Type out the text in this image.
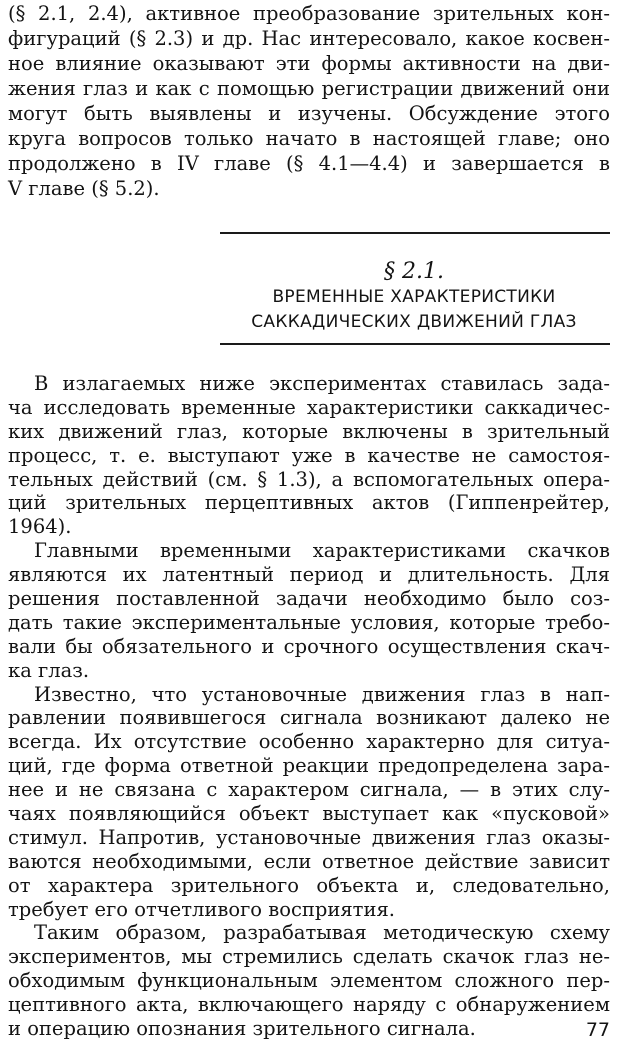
(§ 2.1, 2.4), активное преобразование зрительных кон-
фигураций (§ 2.3) и др. Нас интересовало, какое косвен-
ное влияние оказывают эти формы активности на дви-
жения глаз и как с помощью регистрации движений они
могут быть выявлены и изучены. Обсуждение этого
круга вопросов только начато в настоящей главе; оно
продолжено в IV главе (§ 4.1—4.4) и завершается в
V главе (§ 5.2).
§ 2.1.
ВРЕМЕННЫЕ ХАРАКТЕРИСТИКИ
САККАДИЧЕСКИХ ДВИЖЕНИЙ ГЛАЗ
В излагаемых ниже экспериментах ставилась зада-
ча исследовать временные характеристики саккадичес-
ких движений глаз, которые включены в зрительный
процесс, т. е. выступают уже в качестве не самостоя-
тельных действий (см. § 1.3), а вспомогательных опера-
ций зрительных перцептивных актов (Гиппенрейтер,
1964).
Главными временными характеристиками скачков
являются их латентный период и длительность. Для
решения поставленной задачи необходимо было соз-
дать такие экспериментальные условия, которые требо-
вали бы обязательного и срочного осуществления скач-
ка глаз.
Известно, что установочные движения глаз в нап-
равлении появившегося сигнала возникают далеко не
всегда. Их отсутствие особенно характерно для ситуа-
ций, где форма ответной реакции предопределена зара-
нее и не связана с характером сигнала, — в этих слу-
чаях появляющийся объект выступает как «пусковой»
стимул. Напротив, установочные движения глаз оказы-
ваются необходимыми, если ответное действие зависит
от характера зрительного объекта и, следовательно,
требует его отчетливого восприятия.
Таким образом, разрабатывая методическую схему
экспериментов, мы стремились сделать скачок глаз не-
обходимым функциональным элементом сложного пер-
цептивного акта, включающего наряду с обнаружением
и операцию опознания зрительного сигнала.	77
